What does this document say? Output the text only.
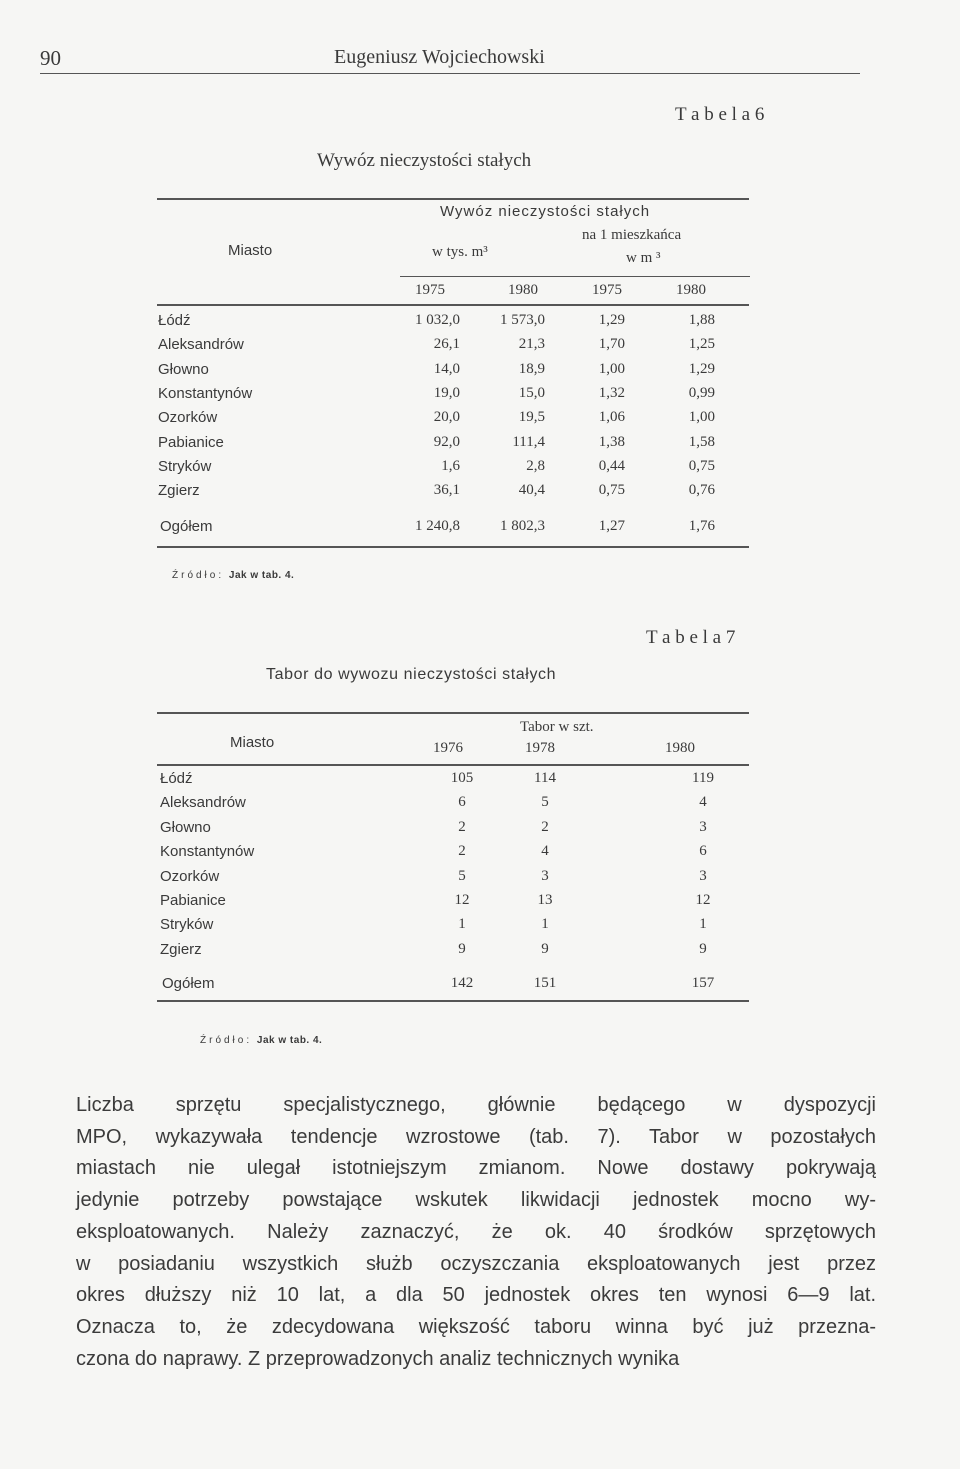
90	Eugeniusz Wojciechowski
T a b e l a 6
Wywóz nieczystości stałych
Miasto
Wywóz nieczystości stałych
w tys. m³
na 1 mieszkańca
w m ³
1975	1980	1975	1980
Łódź	1 032,0	1 573,0	1,29	1,88
Aleksandrów	26,1	21,3	1,70	1,25
Głowno	14,0	18,9	1,00	1,29
Konstantynów	19,0	15,0	1,32	0,99
Ozorków	20,0	19,5	1,06	1,00
Pabianice	92,0	111,4	1,38	1,58
Stryków	1,6	2,8	0,44	0,75
Zgierz	36,1	40,4	0,75	0,76
Ogółem	1 240,8	1 802,3	1,27	1,76
Źródło: Jak w tab. 4.
T a b e l a 7
Tabor do wywozu nieczystości stałych
Miasto
Tabor w szt.
1976	1978	1980
Łódź	105	114	119
Aleksandrów	6	5	4
Głowno	2	2	3
Konstantynów	2	4	6
Ozorków	5	3	3
Pabianice	12	13	12
Stryków	1	1	1
Zgierz	9	9	9
Ogółem	142	151	157
Źródło: Jak w tab. 4.
Liczba sprzętu specjalistycznego, głównie będącego w dyspozycji
MPO, wykazywała tendencje wzrostowe (tab. 7). Tabor w pozostałych
miastach nie ulegał istotniejszym zmianom. Nowe dostawy pokrywają
jedynie potrzeby powstające wskutek likwidacji jednostek mocno wy-
eksploatowanych. Należy zaznaczyć, że ok. 40 środków sprzętowych
w posiadaniu wszystkich służb oczyszczania eksploatowanych jest przez
okres dłuższy niż 10 lat, a dla 50 jednostek okres ten wynosi 6—9 lat.
Oznacza to, że zdecydowana większość taboru winna być już przezna-
czona do naprawy. Z przeprowadzonych analiz technicznych wynika
